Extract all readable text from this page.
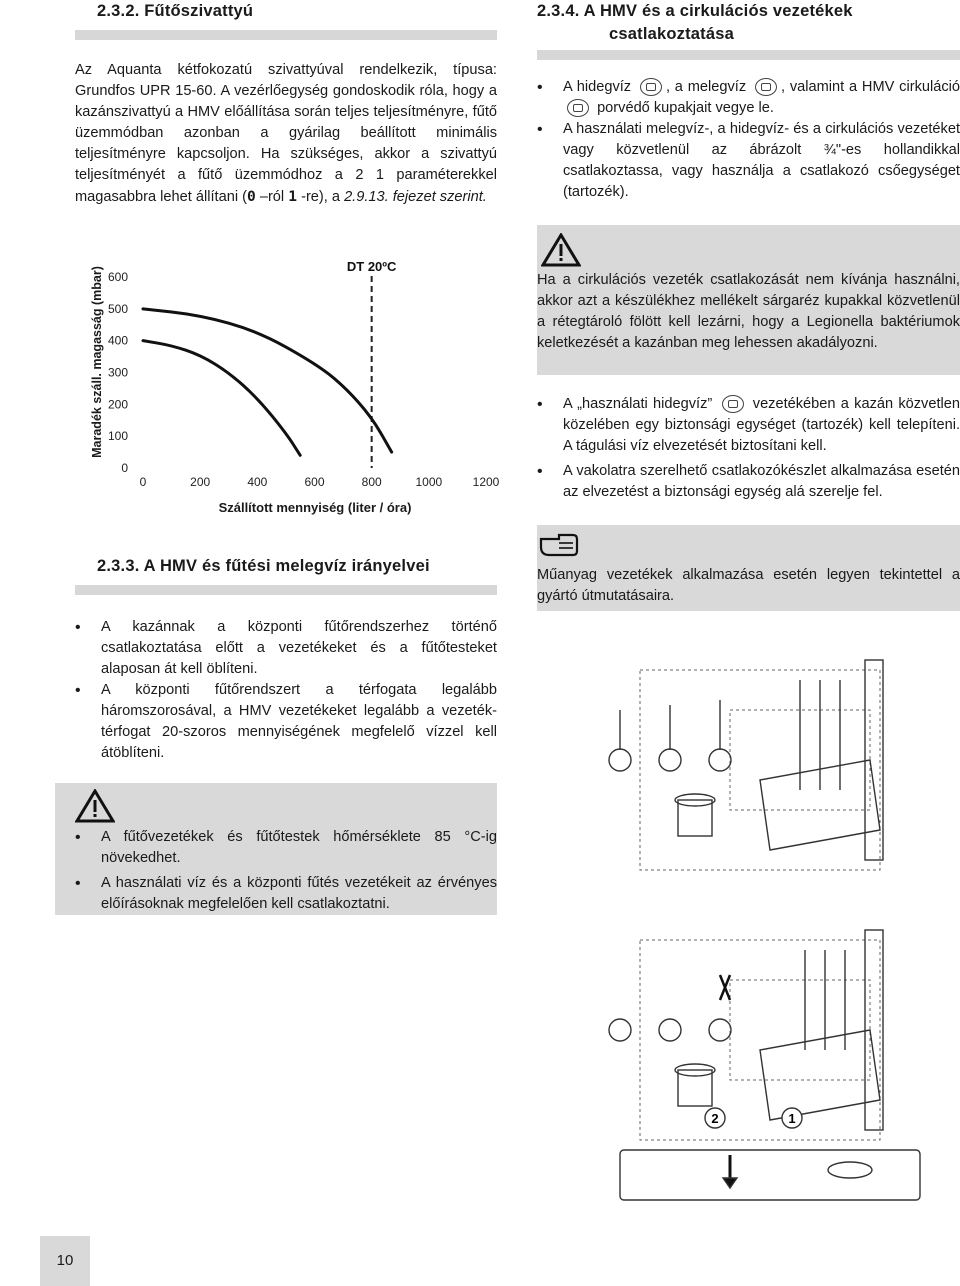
2.3.2. Fűtőszivattyú
Az Aquanta kétfokozatú szivattyúval rendelkezik, típusa: Grundfos UPR 15-60. A vezérlőegység gondoskodik róla, hogy a kazánszivattyú a HMV előállítása során teljes teljesítményre, fűtő üzemmódban azonban a gyárilag beállított minimális teljesítményre kapcsoljon. Ha szükséges, akkor a szivattyú teljesítményét a fűtő üzemmódhoz a 2 1 paraméterekkel magasabbra lehet állítani (0 –ról 1 -re), a 2.9.13. fejezet szerint.
Maradék száll. magasság (mbar)
0
100
200
300
400
500
600
0	200	400	600	800	1000	1200
DT 20ºC
Szállított mennyiség (liter / óra)
2.3.3. A HMV és fűtési melegvíz irányelvei
• A kazánnak a központi fűtőrendszerhez történő csatlakoztatása előtt a vezetékeket és a fűtőtesteket alaposan át kell öblíteni.
• A központi fűtőrendszert a térfogata legalább háromszorosával, a HMV vezetékeket legalább a vezeték-térfogat 20-szoros mennyiségének megfelelő vízzel kell átöblíteni.
• A fűtővezetékek és fűtőtestek hőmérséklete 85 °C-ig növekedhet.
• A használati víz és a központi fűtés vezetékeit az érvényes előírásoknak megfelelően kell csatlakoztatni.
2.3.4. A HMV és a cirkulációs vezetékek
csatlakoztatása
• A hidegvíz , a melegvíz , valamint a HMV cirkuláció  porvédő kupakjait vegye le.
• A használati melegvíz-, a hidegvíz- és a cirkulációs vezetéket vagy közvetlenül az ábrázolt ¾"-es hollandikkal csatlakoztassa, vagy használja a csatlakozó csőegységet (tartozék).
Ha a cirkulációs vezeték csatlakozását nem kívánja használni, akkor azt a készülékhez mellékelt sárgaréz kupakkal közvetlenül a rétegtároló fölött kell lezárni, hogy a Legionella baktériumok keletkezését a kazánban meg lehessen akadályozni.
• A „használati hidegvíz”	vezetékében a kazán közvetlen közelében egy biztonsági egységet (tartozék) kell telepíteni. A tágulási víz elvezetését biztosítani kell.
• A vakolatra szerelhető csatlakozókészlet alkalmazása esetén az elvezetést a biztonsági egység alá szerelje fel.
Műanyag vezetékek alkalmazása esetén legyen tekintettel a gyártó útmutatásaira.
2	1
10
